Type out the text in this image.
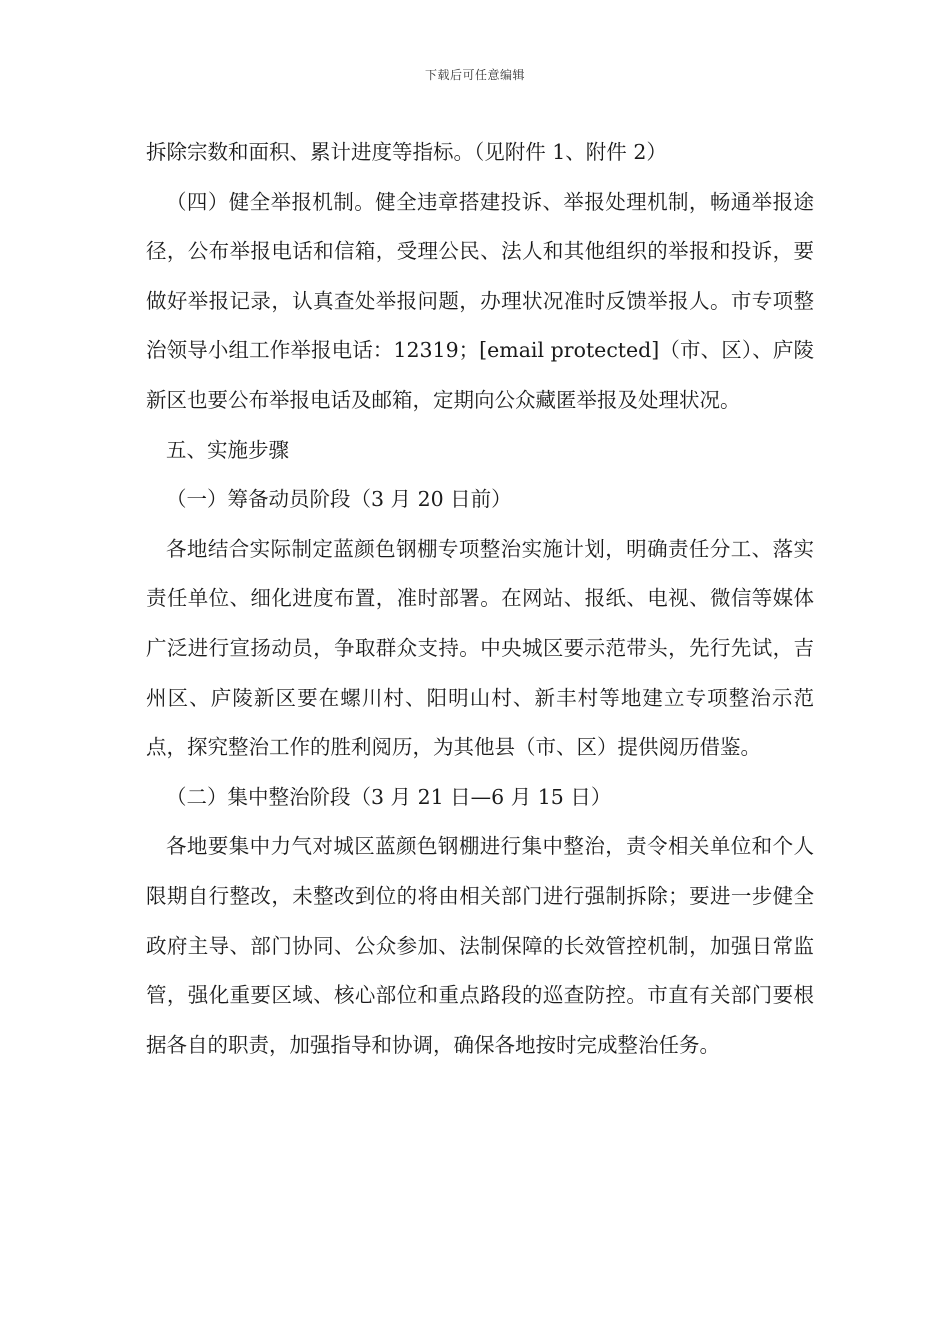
下载后可任意编辑

拆除宗数和面积、累计进度等指标。（见附件 1、附件 2）

（四）健全举报机制。健全违章搭建投诉、举报处理机制，畅通举报途径，公布举报电话和信箱，受理公民、法人和其他组织的举报和投诉，要做好举报记录，认真查处举报问题，办理状况准时反馈举报人。市专项整治领导小组工作举报电话：12319；[email protected]（市、区）、庐陵新区也要公布举报电话及邮箱，定期向公众藏匿举报及处理状况。

五、实施步骤

（一）筹备动员阶段（3 月 20 日前）

各地结合实际制定蓝颜色钢棚专项整治实施计划，明确责任分工、落实责任单位、细化进度布置，准时部署。在网站、报纸、电视、微信等媒体广泛进行宣扬动员，争取群众支持。中央城区要示范带头，先行先试，吉州区、庐陵新区要在螺川村、阳明山村、新丰村等地建立专项整治示范点，探究整治工作的胜利阅历，为其他县（市、区）提供阅历借鉴。

（二）集中整治阶段（3 月 21 日—6 月 15 日）

各地要集中力气对城区蓝颜色钢棚进行集中整治，责令相关单位和个人限期自行整改，未整改到位的将由相关部门进行强制拆除；要进一步健全政府主导、部门协同、公众参加、法制保障的长效管控机制，加强日常监管，强化重要区域、核心部位和重点路段的巡查防控。市直有关部门要根据各自的职责，加强指导和协调，确保各地按时完成整治任务。
